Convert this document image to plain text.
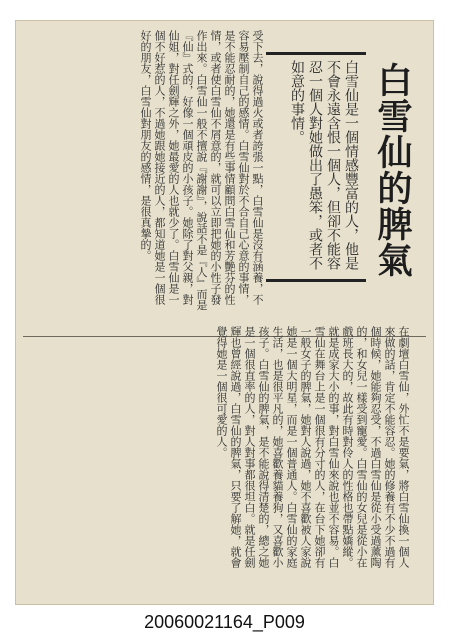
白雪仙的脾氣
白雪仙是一個情感豐富的人，他是不會永遠含恨一個人，但卻不能容忍一個人對她做出了愚笨，或者不如意的事情。
受下去，說得過火或者誇張一點，白雪仙是沒有涵養，不容易壓制自己的感情。白雪仙對於不合自己心意的事情，是不能忍耐的，她還是有些事情顧問白雪仙和芳艷芬的性情，或者使白雪仙不屑意的，就可以立即把她的小性子發作出來。白雪仙一般不擅說『謝謝』，說話不是『人』而是『仙』式的，好像一個頑皮的小孩子。她除了對父親，對仙姐，對任劍輝之外，她最愛的人也就少了。白雪仙是一個不好惹的人，不過她跟她接近的人，都知道她是一個很好的朋友，白雪仙對朋友的感情，是很真摯的。
在劇壇白雪仙，外忙不是要氣，將白雪仙換一個人來做的話，肯定不能容忍。她的修養有不少不過有個時候，她能夠忍受，不過白雪仙是從小受過薰陶的，和女兒一樣受到寵愛。白雪仙的女兒是從小在戲班長大的，故此有時對伶人的性格也帶點嬌縱。就是成家大小的事，對白雪仙來說也並不容易。白雪仙在舞台上是一個很有分寸的人，在台下她卻有一般女子的脾氣，她對人說過，她不喜歡被人家說她是一個大明星，而是一個普通人。白雪仙的家庭生活，也是很平凡的，她喜歡養貓養狗，又喜歡小孩子。白雪仙的脾氣，是不能說得清楚的，總之她是一個很直率的人，對人對事都很坦白。就是任劍輝也曾經說過，白雪仙的脾氣，只要了解她，就會覺得她是一個很可愛的人。
20060021164_P009
